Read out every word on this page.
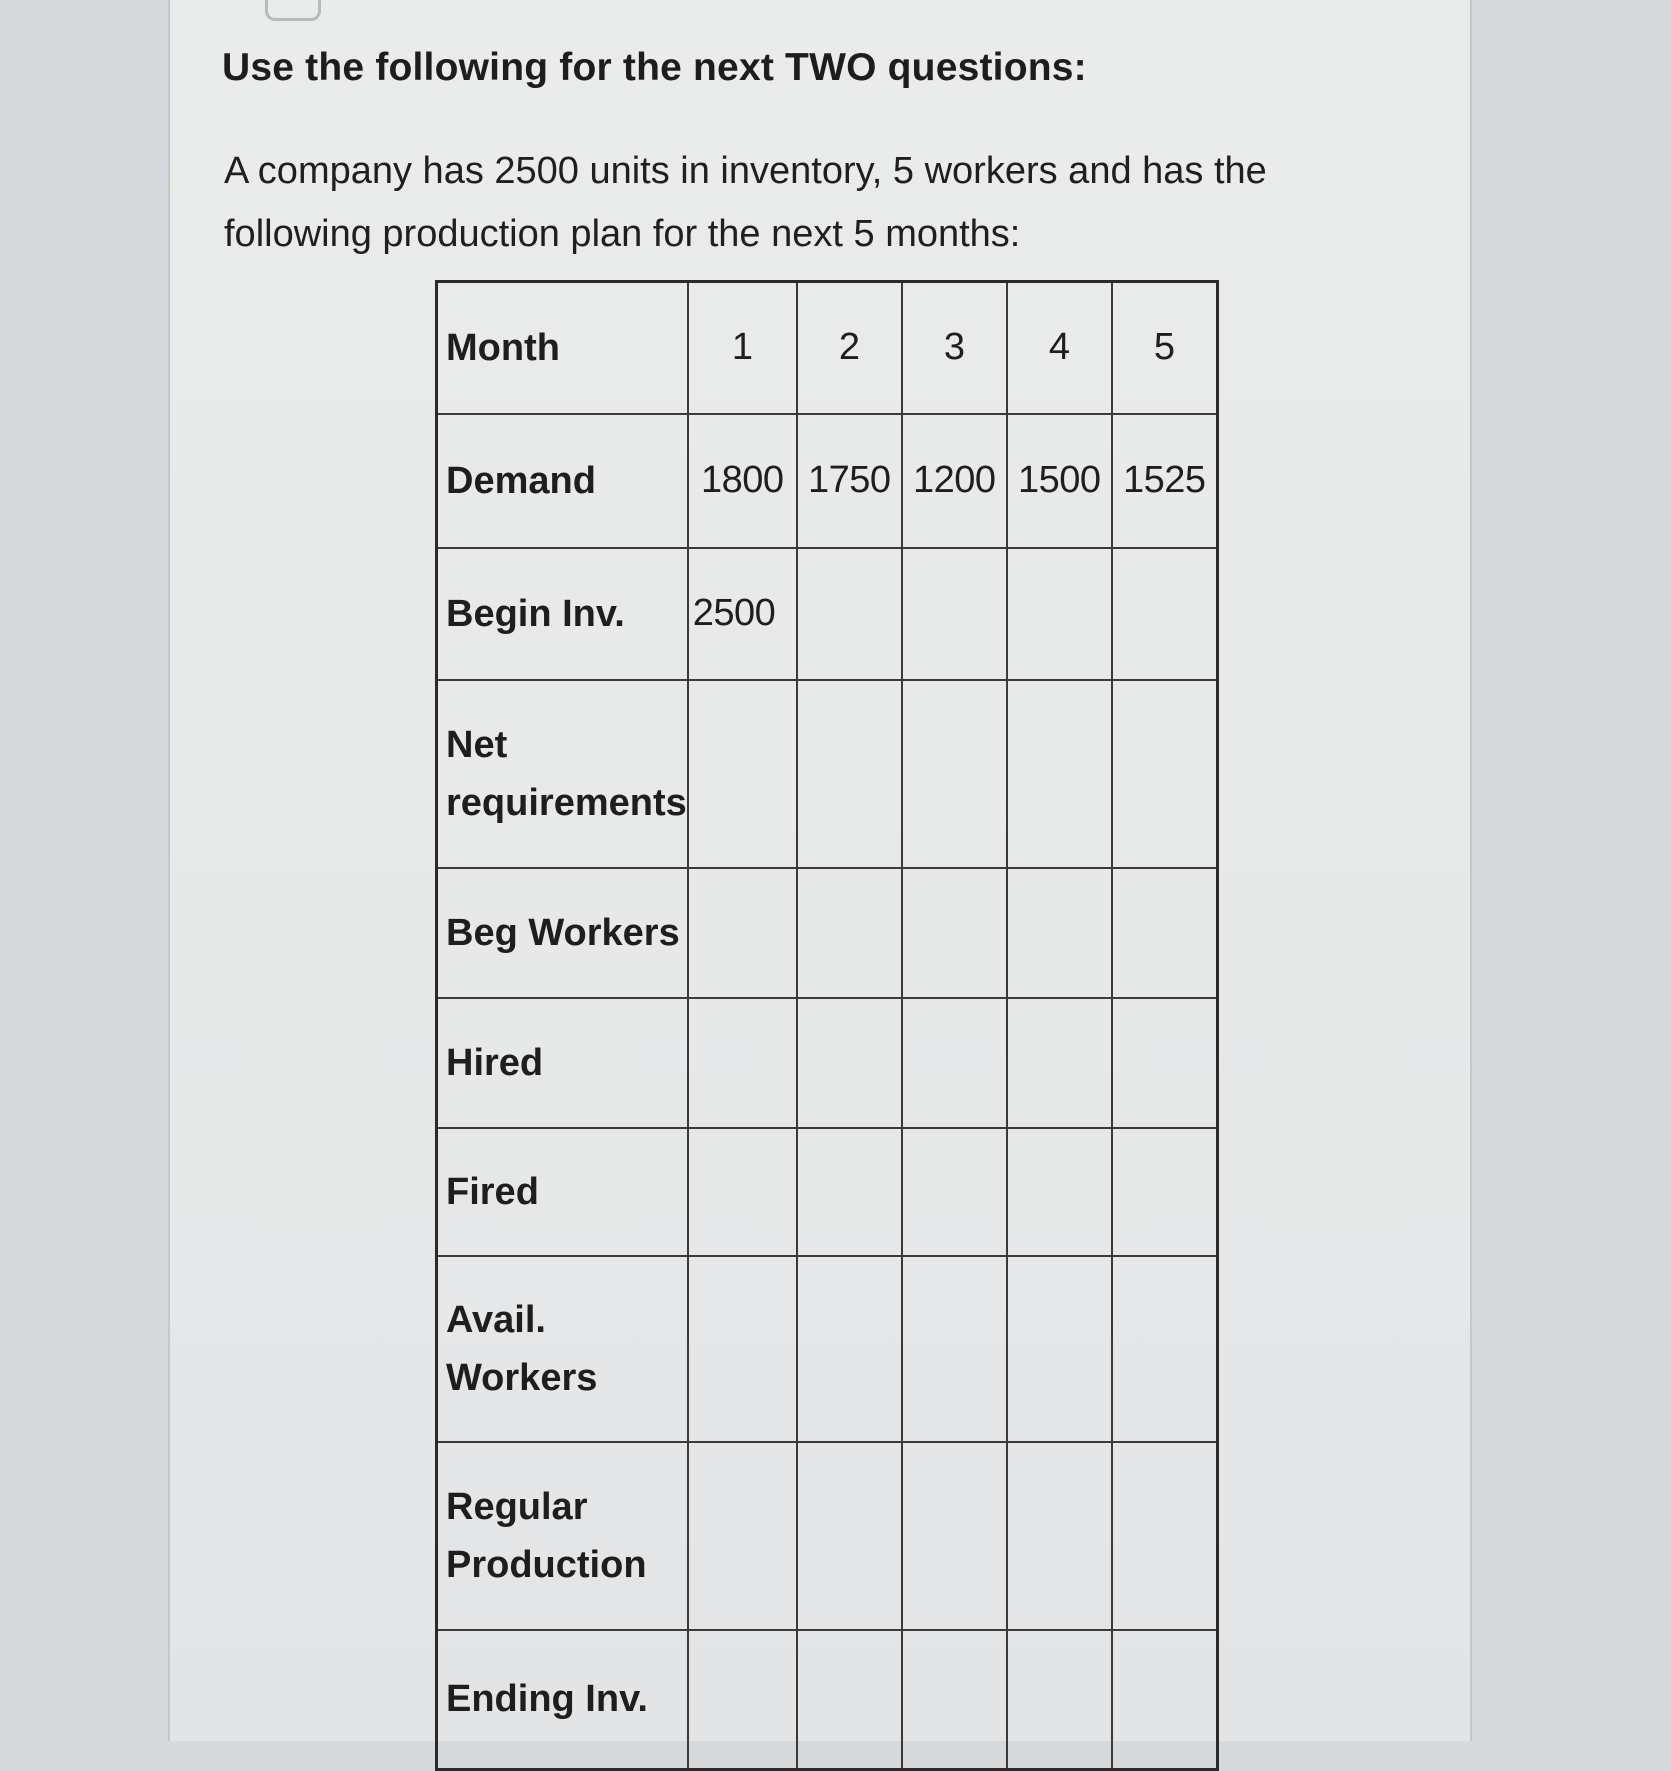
Use the following for the next TWO questions:

A company has 2500 units in inventory, 5 workers and has the following production plan for the next 5 months:

Month	1	2	3	4	5
Demand	1800	1750	1200	1500	1525
Begin Inv.	2500				
Net requirements					
Beg Workers					
Hired					
Fired					
Avail. Workers					
Regular Production					
Ending Inv.					
